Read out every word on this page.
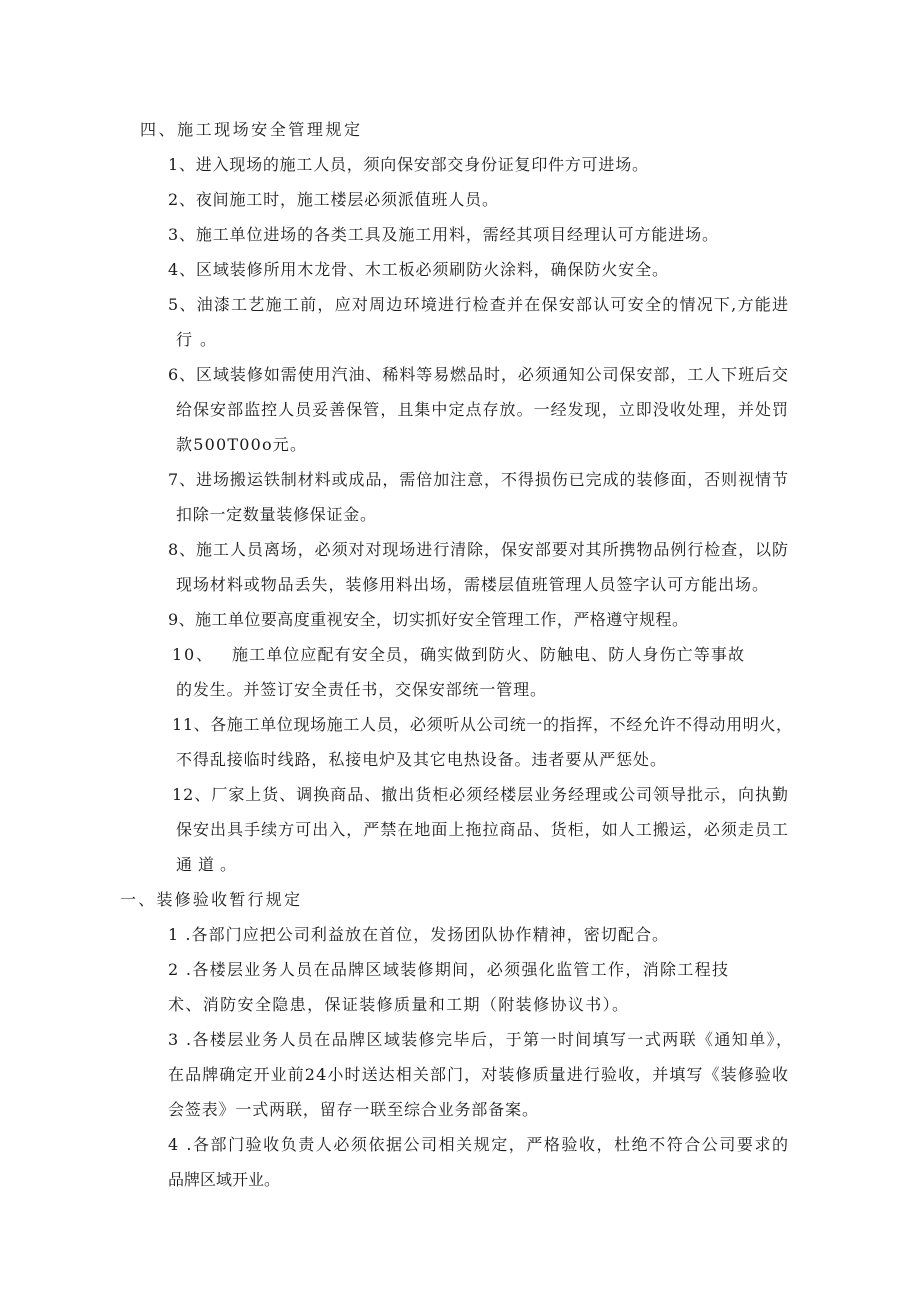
四、施工现场安全管理规定
1、进入现场的施工人员，须向保安部交身份证复印件方可进场。
2、夜间施工时，施工楼层必须派值班人员。
3、施工单位进场的各类工具及施工用料，需经其项目经理认可方能进场。
4、区域装修所用木龙骨、木工板必须刷防火涂料，确保防火安全。
5、油漆工艺施工前，应对周边环境进行检查并在保安部认可安全的情况下,方能进
行。
6、区域装修如需使用汽油、稀料等易燃品时，必须通知公司保安部，工人下班后交
给保安部监控人员妥善保管，且集中定点存放。一经发现，立即没收处理，并处罚
款500T00o元。
7、进场搬运铁制材料或成品，需倍加注意，不得损伤已完成的装修面，否则视情节
扣除一定数量装修保证金。
8、施工人员离场，必须对对现场进行清除，保安部要对其所携物品例行检查，以防
现场材料或物品丢失，装修用料出场，需楼层值班管理人员签字认可方能出场。
9、施工单位要高度重视安全，切实抓好安全管理工作，严格遵守规程。
10、 施工单位应配有安全员，确实做到防火、防触电、防人身伤亡等事故
的发生。并签订安全责任书，交保安部统一管理。
11、各施工单位现场施工人员，必须听从公司统一的指挥，不经允许不得动用明火，
不得乱接临时线路，私接电炉及其它电热设备。违者要从严惩处。
12、厂家上货、调换商品、撤出货柜必须经楼层业务经理或公司领导批示，向执勤
保安出具手续方可出入，严禁在地面上拖拉商品、货柜，如人工搬运，必须走员工
通道。
一、装修验收暂行规定
1 .各部门应把公司利益放在首位，发扬团队协作精神，密切配合。
2 .各楼层业务人员在品牌区域装修期间，必须强化监管工作，消除工程技
术、消防安全隐患，保证装修质量和工期（附装修协议书）。
3 .各楼层业务人员在品牌区域装修完毕后，于第一时间填写一式两联《通知单》，
在品牌确定开业前24小时送达相关部门，对装修质量进行验收，并填写《装修验收
会签表》一式两联，留存一联至综合业务部备案。
4 .各部门验收负责人必须依据公司相关规定，严格验收，杜绝不符合公司要求的
品牌区域开业。
